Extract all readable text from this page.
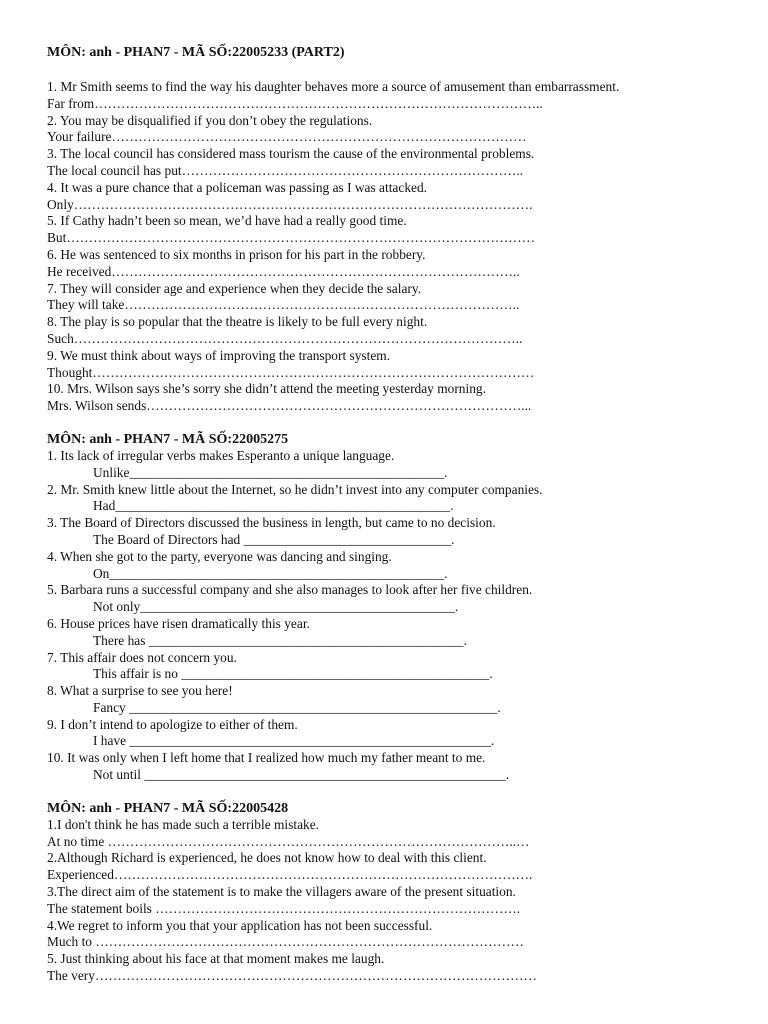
MÔN: anh - PHAN7 - MÃ SỐ:22005233 (PART2)
1. Mr Smith seems to find the way his daughter behaves more a source of amusement than embarrassment.
Far from………………………………………………………………………………………..
2. You may be disqualified if you don’t obey the regulations.
Your failure…………………………………………………………………………………
3. The local council has considered mass tourism the cause of the environmental problems.
The local council has put…………………………………………………………………..
4. It was a pure chance that a policeman was passing as I was attacked.
Only………………………………………………………………………………………….
5. If Cathy hadn’t been so mean, we’d have had a really good time.
But……………………………………………………………………………………………
6. He was sentenced to six months in prison for his part in the robbery.
He received………………………………………………………………………………..
7. They will consider age and experience when they decide the salary.
They will take……………………………………………………………………………..
8. The play is so popular that the theatre is likely to be full every night.
Such………………………………………………………………………………………..
9. We must think about ways of improving the transport system.
Thought………………………………………………………………………………………
10. Mrs. Wilson says she’s sorry she didn’t attend the meeting yesterday morning.
Mrs. Wilson sends…………………………………………………………………………...
MÔN: anh - PHAN7 - MÃ SỐ:22005275
1. Its lack of irregular verbs makes Esperanto a unique language.
Unlike_______________________________________________.
2. Mr. Smith knew little about the Internet, so he didn’t invest into any computer companies.
Had__________________________________________________.
3. The Board of Directors discussed the business in length, but came to no decision.
The Board of Directors had _______________________________.
4. When she got to the party, everyone was dancing and singing.
On__________________________________________________.
5. Barbara runs a successful company and she also manages to look after her five children.
Not only_______________________________________________.
6. House prices have risen dramatically this year.
There has _______________________________________________.
7. This affair does not concern you.
This affair is no ______________________________________________.
8. What a surprise to see you here!
Fancy _______________________________________________________.
9. I don’t intend to apologize to either of them.
I have ______________________________________________________.
10. It was only when I left home that I realized how much my father meant to me.
Not until ______________________________________________________.
MÔN: anh - PHAN7 - MÃ SỐ:22005428
1.I don't think he has made such a terrible mistake.
At no time ………………………………………………………………………………..…
2.Although Richard is experienced, he does not know how to deal with this client.
Experienced………………………………………………………………………………….
3.The direct aim of the statement is to make the villagers aware of the present situation.
The statement boils ……………………………………………………………………….
4.We regret to inform you that your application has not been successful.
Much to ……………………………………………………………………………………
5. Just thinking about his face at that moment makes me laugh.
The very………………………………………………………………………………………
